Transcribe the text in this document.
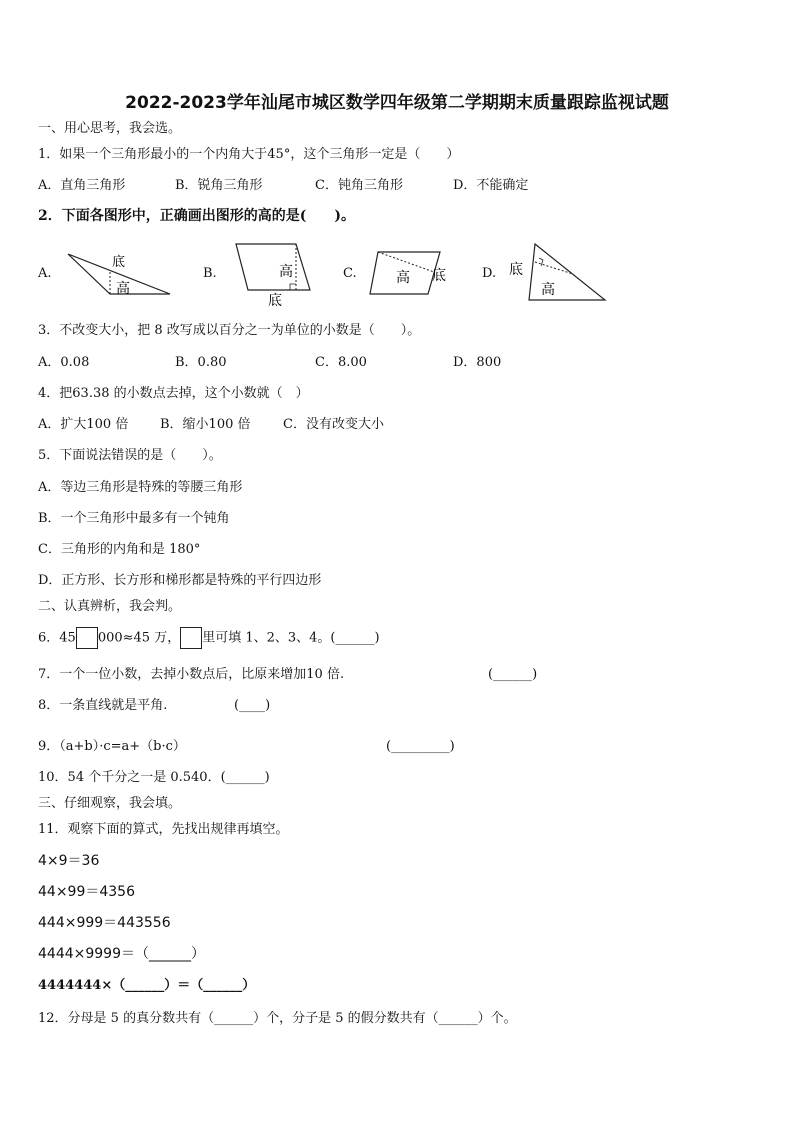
2022-2023学年汕尾市城区数学四年级第二学期期末质量跟踪监视试题
一、用心思考，我会选。
1．如果一个三角形最小的一个内角大于45°，这个三角形一定是（　　）
A．直角三角形	B．锐角三角形	C．钝角三角形	D．不能确定
2．下面各图形中，正确画出图形的高的是(　　)。
A.
底
高
B.	高
底
C.	高 底	D. 底
高
3．不改变大小，把 8 改写成以百分之一为单位的小数是（　　）。
A．0.08	B．0.80	C．8.00	D．800
4．把63.38 的小数点去掉，这个小数就（　）
A．扩大100 倍 B．缩小100 倍	C．没有改变大小
5．下面说法错误的是（　　）。
A．等边三角形是特殊的等腰三角形
B．一个三角形中最多有一个钝角
C．三角形的内角和是 180°
D．正方形、长方形和梯形都是特殊的平行四边形
二、认真辨析，我会判。
6．45 000≈45 万， 里可填 1、2、3、4。(______)
7．一个一位小数，去掉小数点后，比原来增加10 倍.	(______)
8．一条直线就是平角.	(____)
9．（a+b）·c=a+（b·c）	(_________)
10．54 个千分之一是 0.540．(______)
三、仔细观察，我会填。
11．观察下面的算式，先找出规律再填空。
4×9＝36
44×99＝4356
444×999＝443556
4444×9999＝（______）
4444444×（______）＝（______）
12．分母是 5 的真分数共有（______）个，分子是 5 的假分数共有（______）个。
